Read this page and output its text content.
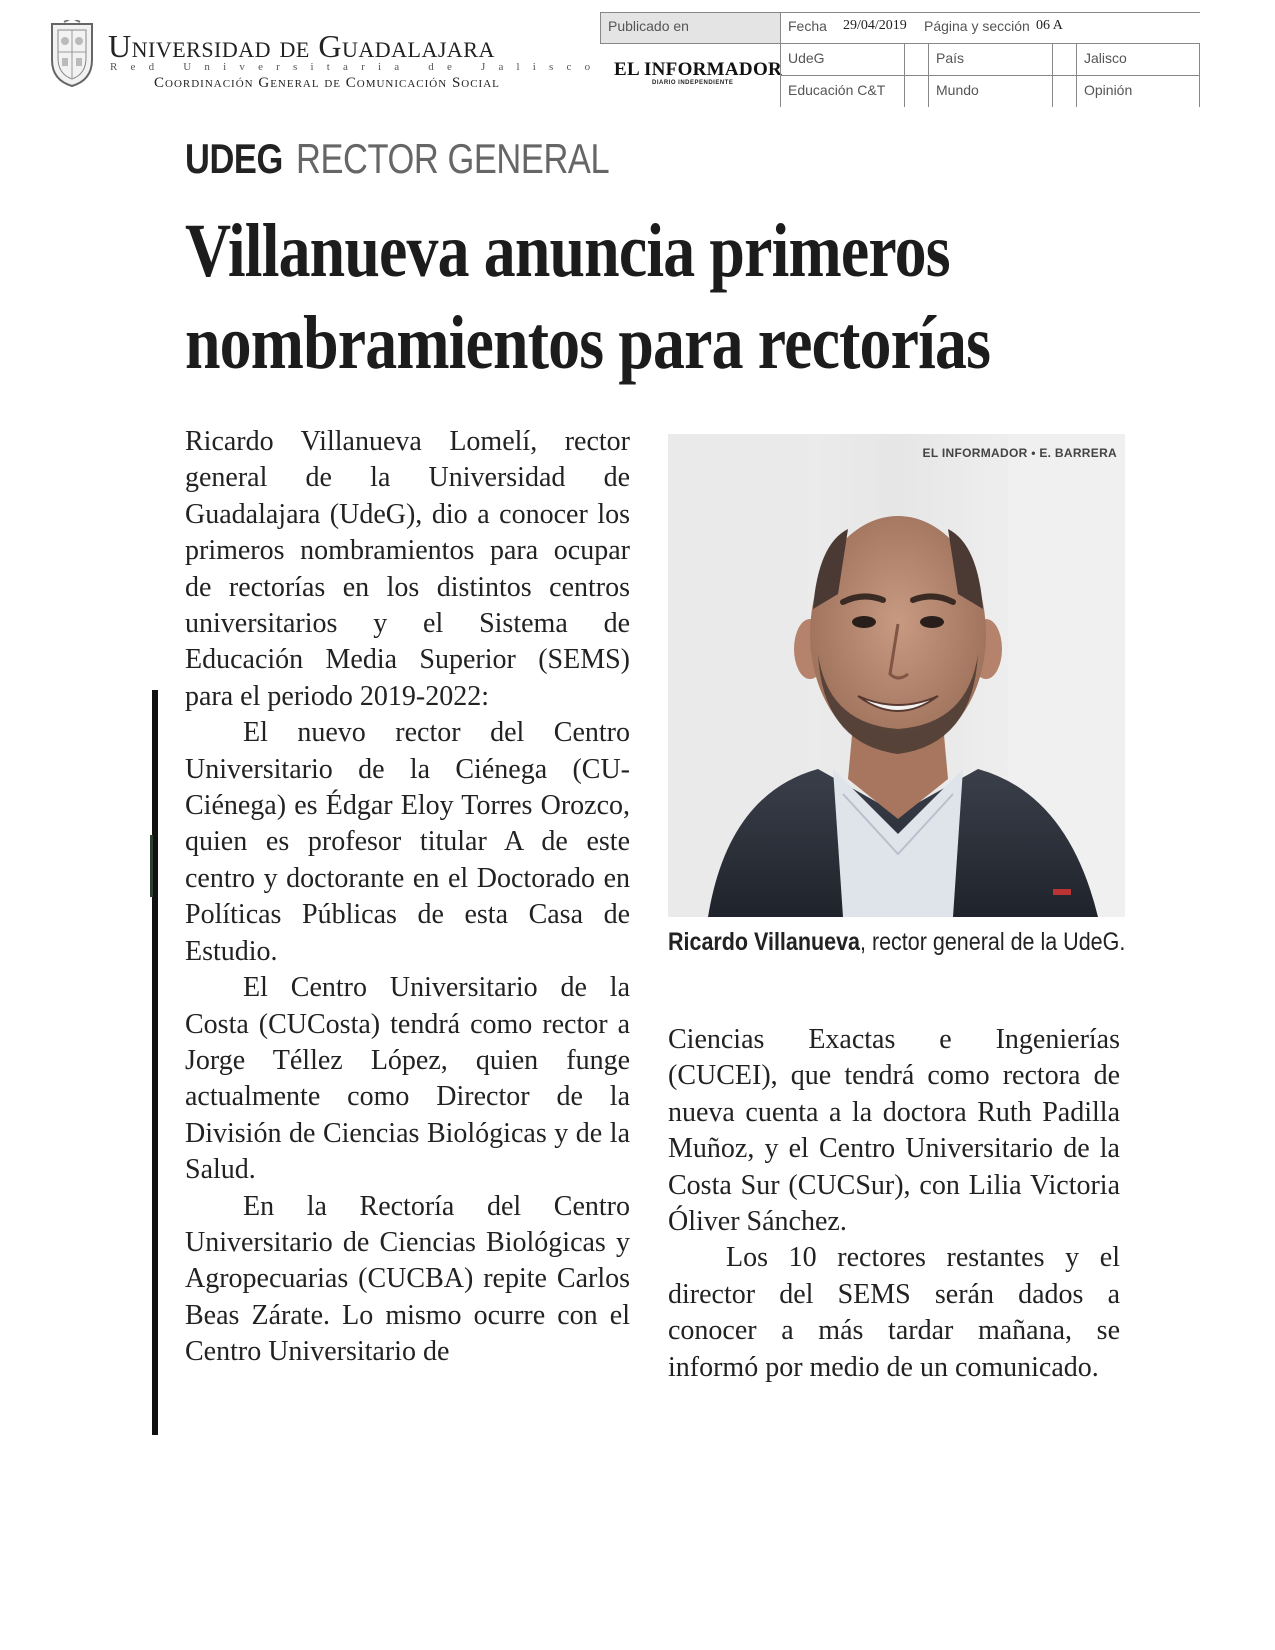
Universidad de Guadalajara
Red Universitaria de Jalisco
Coordinación General de Comunicación Social
Publicado en
EL INFORMADOR
DIARIO INDEPENDIENTE
Fecha	29/04/2019	Página y sección 06 A
UdeG	País	Jalisco
Educación C&T	Mundo	Opinión
UDEG RECTOR GENERAL
Villanueva anuncia primeros nombramientos para rectorías

Ricardo Villanueva Lomelí, rector general de la Universidad de Guadalajara (UdeG), dio a conocer los primeros nombramientos para ocupar de rectorías en los distintos centros universitarios y el Sistema de Educación Media Superior (SEMS) para el periodo 2019-2022:

El nuevo rector del Centro Universitario de la Ciénega (CU-Ciénega) es Édgar Eloy Torres Orozco, quien es profesor titular A de este centro y doctorante en el Doctorado en Políticas Públicas de esta Casa de Estudio.

El Centro Universitario de la Costa (CUCosta) tendrá como rector a Jorge Téllez López, quien funge actualmente como Director de la División de Ciencias Biológicas y de la Salud.

En la Rectoría del Centro Universitario de Ciencias Biológicas y Agropecuarias (CUCBA) repite Carlos Beas Zárate. Lo mismo ocurre con el Centro Universitario de

EL INFORMADOR • E. BARRERA
Ricardo Villanueva, rector general de la UdeG.

Ciencias Exactas e Ingenierías (CUCEI), que tendrá como rectora de nueva cuenta a la doctora Ruth Padilla Muñoz, y el Centro Universitario de la Costa Sur (CUCSur), con Lilia Victoria Óliver Sánchez.

Los 10 rectores restantes y el director del SEMS serán dados a conocer a más tardar mañana, se informó por medio de un comunicado.
